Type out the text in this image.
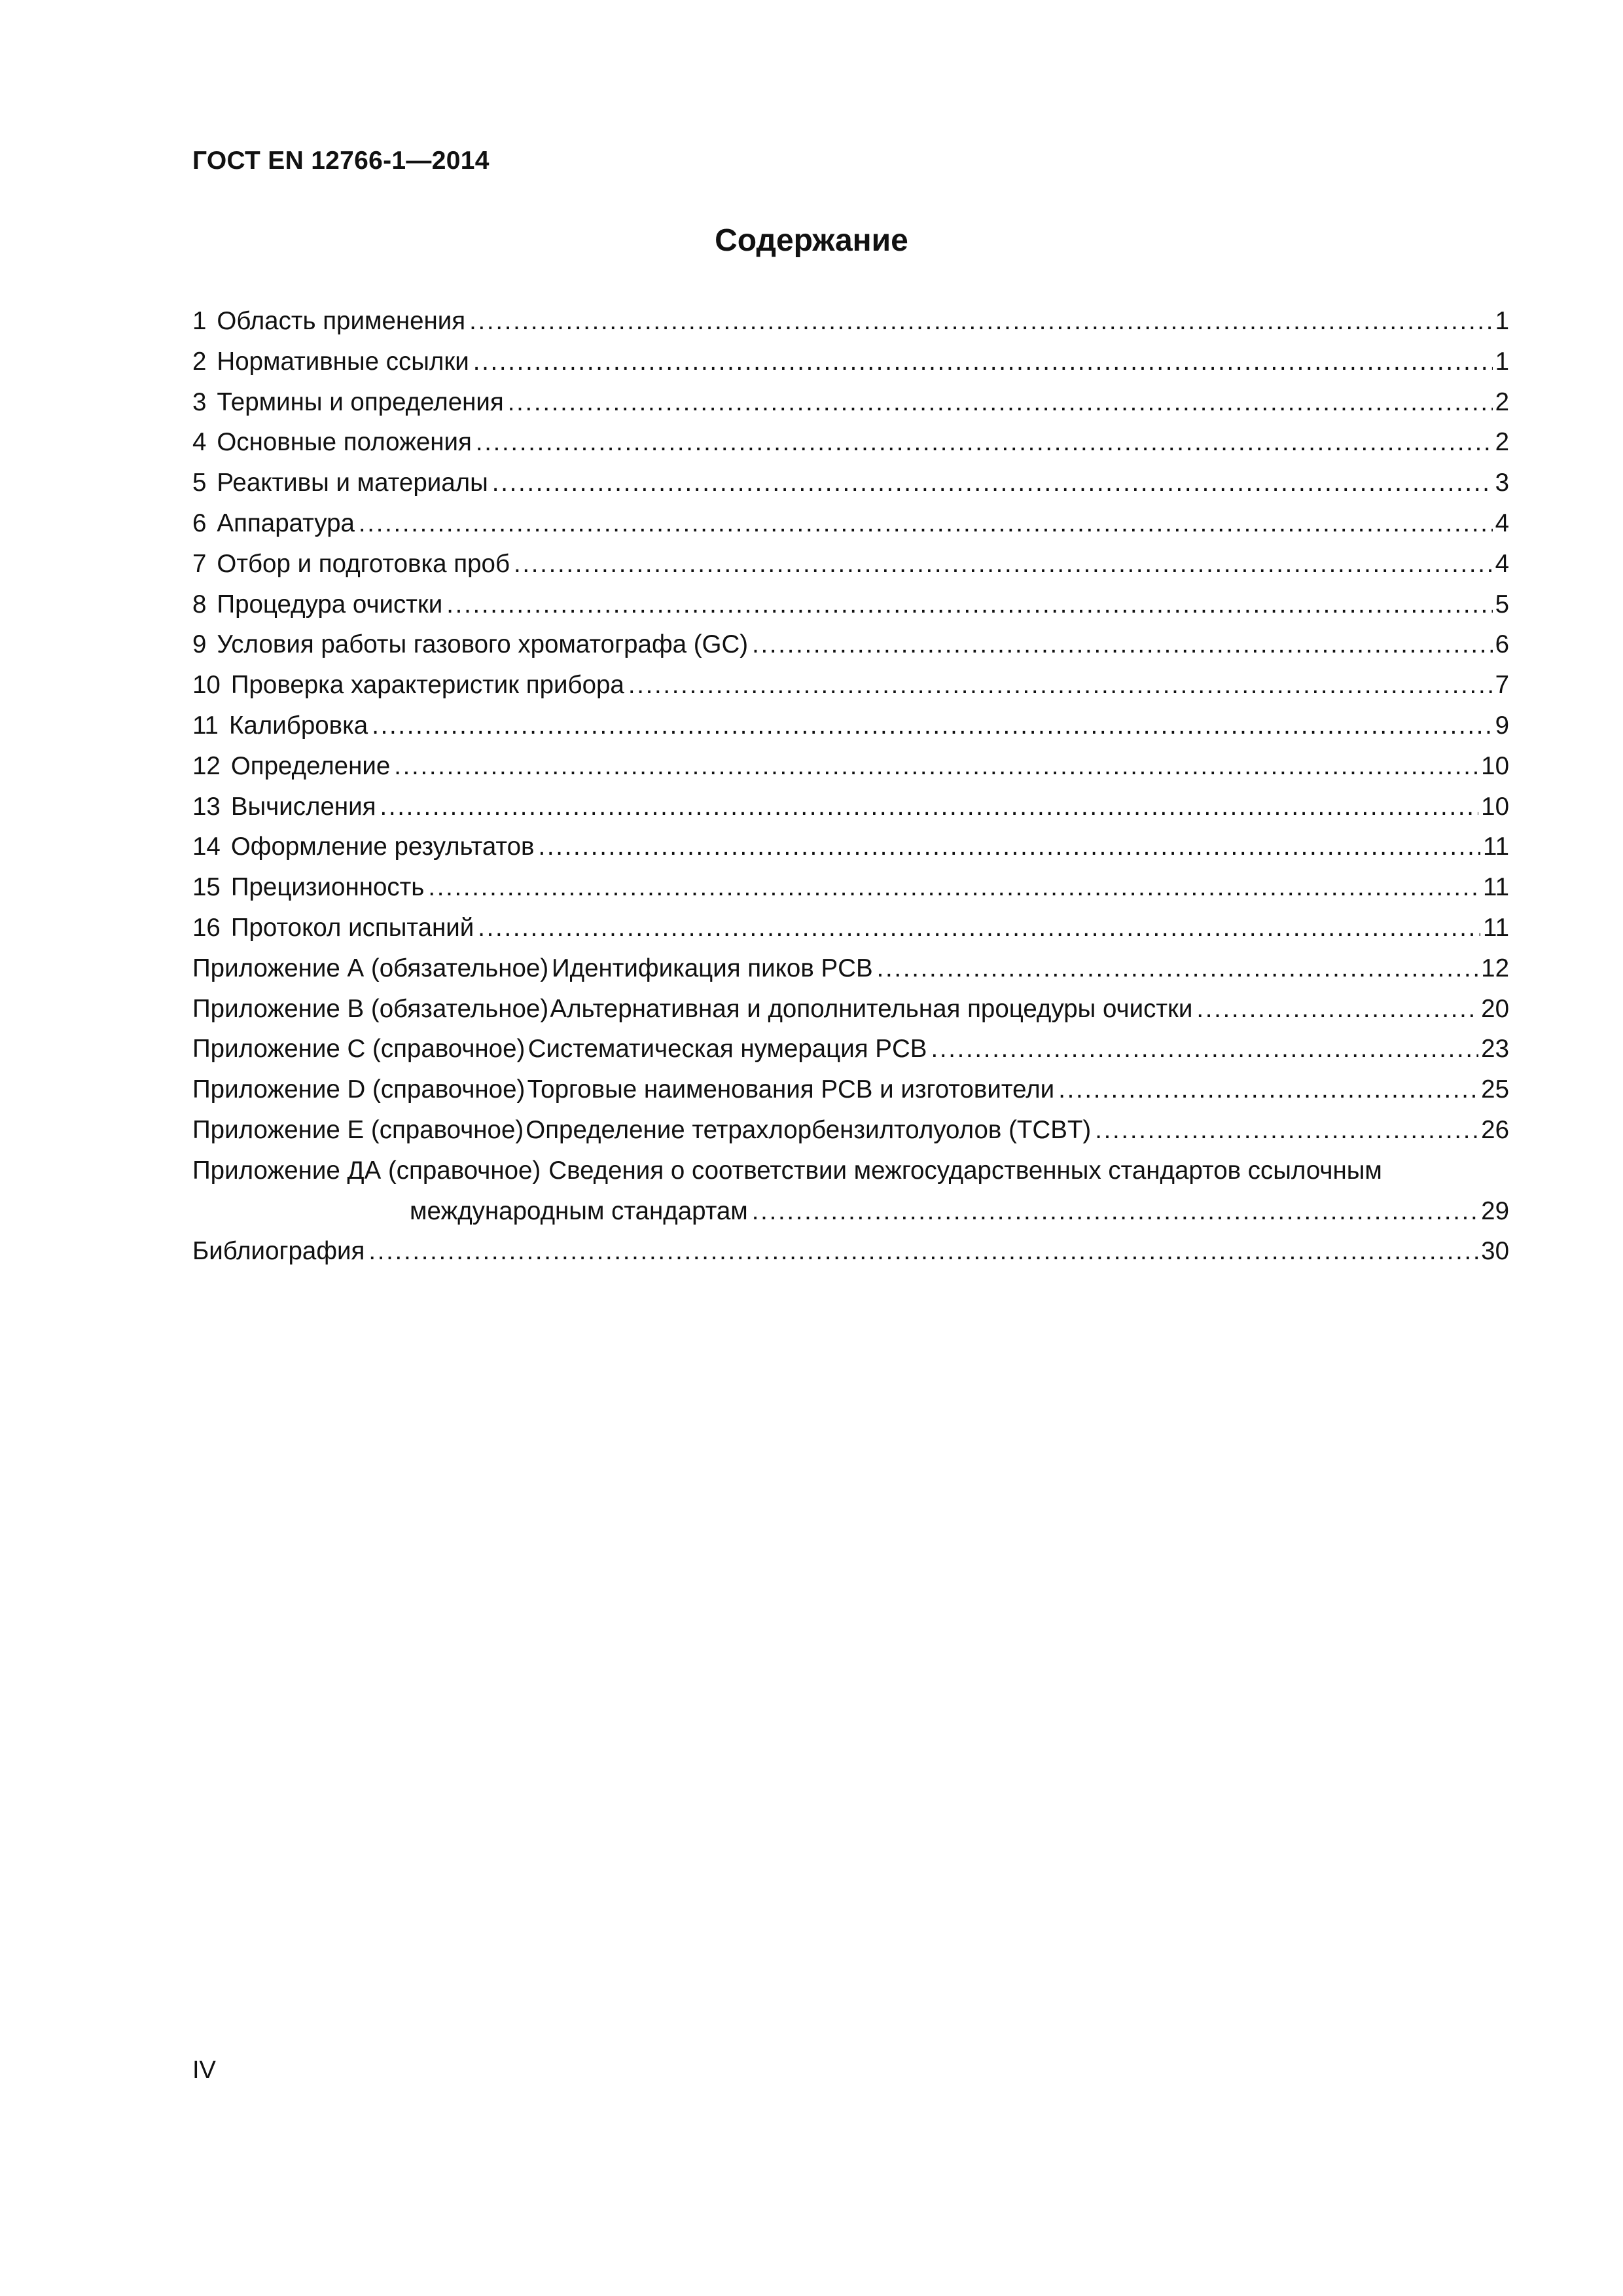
ГОСТ EN 12766-1—2014
Содержание
1 Область применения . . .	1
2 Нормативные ссылки . . .	1
3 Термины и определения . . .	2
4 Основные положения . . .	2
5 Реактивы и материалы . . .	3
6 Аппаратура . . .	4
7 Отбор и подготовка проб . . .	4
8 Процедура очистки . . .	5
9 Условия работы газового хроматографа (GC) . . .	6
10 Проверка характеристик прибора . . .	7
11 Калибровка . . .	9
12 Определение . . .	10
13 Вычисления . . .	10
14 Оформление результатов . . .	11
15 Прецизионность . . .	11
16 Протокол испытаний . . .	11
Приложение А (обязательное) Идентификация пиков PCB . . .	12
Приложение В (обязательное) Альтернативная и дополнительная процедуры очистки . . .	20
Приложение С (справочное) Систематическая нумерация PCB . . .	23
Приложение D (справочное) Торговые наименования PCB и изготовители . . .	25
Приложение Е (справочное) Определение тетрахлорбензилтолуолов (TCBT) . . .	26
Приложение ДА (справочное) Сведения о соответствии межгосударственных стандартов ссылочным
международным стандартам . . .	29
Библиография . . .	30
IV
